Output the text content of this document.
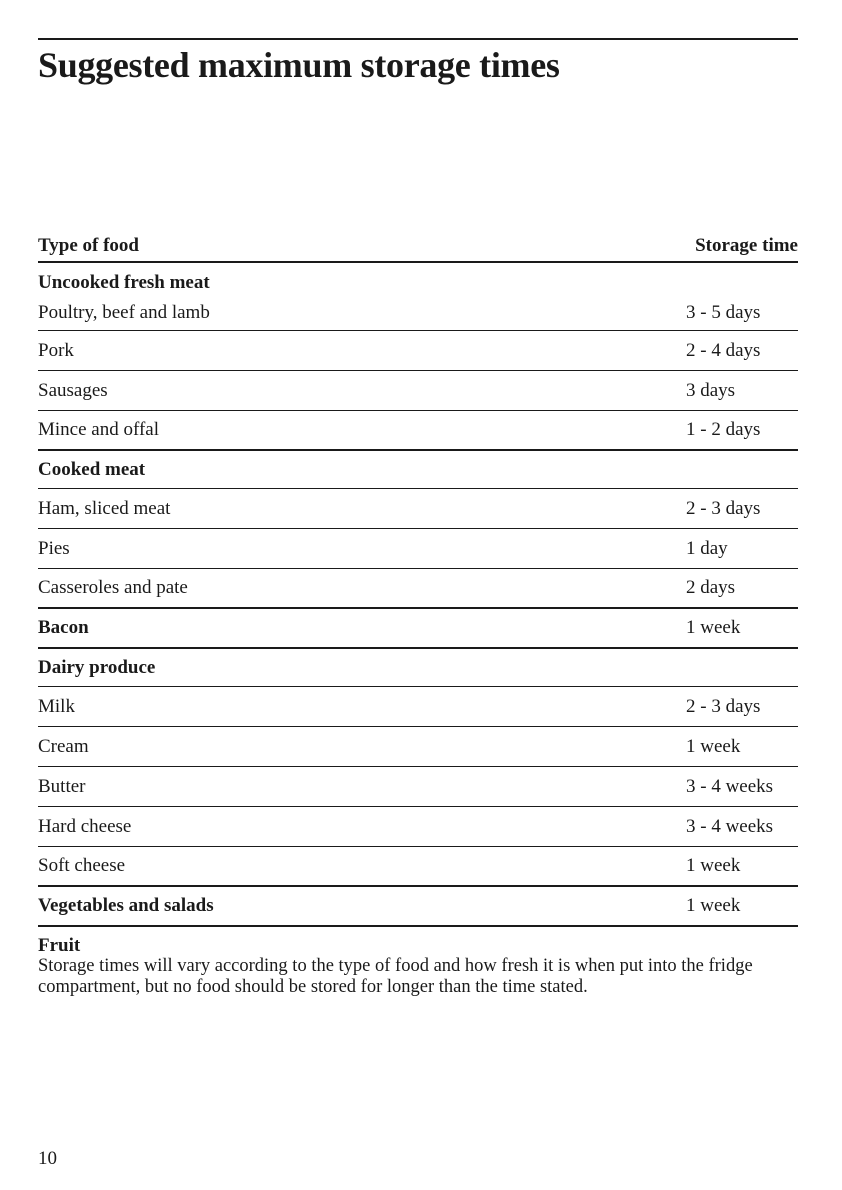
Suggested maximum storage times
Type of food	Storage time
Uncooked fresh meat
Poultry, beef and lamb	3 - 5 days
Pork	2 - 4 days
Sausages	3 days
Mince and offal	1 - 2 days
Cooked meat
Ham, sliced meat	2 - 3 days
Pies	1 day
Casseroles and pate	2 days
Bacon	1 week
Dairy produce
Milk	2 - 3 days
Cream	1 week
Butter	3 - 4 weeks
Hard cheese	3 - 4 weeks
Soft cheese	1 week
Vegetables and salads	1 week
Fruit
Storage times will vary according to the type of food and how fresh it is when put into the fridge compartment, but no food should be stored for longer than the time stated.
10
